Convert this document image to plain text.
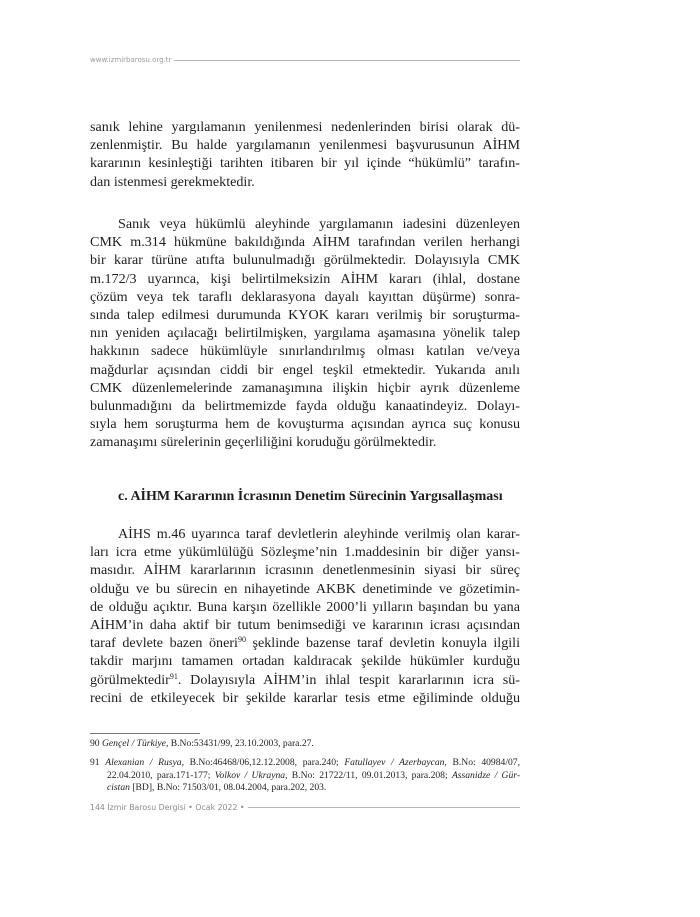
www.izmirbarosu.org.tr
sanık lehine yargılamanın yenilenmesi nedenlerinden birisi olarak dü-
zenlenmiştir. Bu halde yargılamanın yenilenmesi başvurusunun AİHM
kararının kesinleştiği tarihten itibaren bir yıl içinde “hükümlü” tarafın-
dan istenmesi gerekmektedir.
Sanık veya hükümlü aleyhinde yargılamanın iadesini düzenleyen
CMK m.314 hükmüne bakıldığında AİHM tarafından verilen herhangi
bir karar türüne atıfta bulunulmadığı görülmektedir. Dolayısıyla CMK
m.172/3 uyarınca, kişi belirtilmeksizin AİHM kararı (ihlal, dostane
çözüm veya tek taraflı deklarasyona dayalı kayıttan düşürme) sonra-
sında talep edilmesi durumunda KYOK kararı verilmiş bir soruşturma-
nın yeniden açılacağı belirtilmişken, yargılama aşamasına yönelik talep
hakkının sadece hükümlüyle sınırlandırılmış olması katılan ve/veya
mağdurlar açısından ciddi bir engel teşkil etmektedir. Yukarıda anılı
CMK düzenlemelerinde zamanaşımına ilişkin hiçbir ayrık düzenleme
bulunmadığını da belirtmemizde fayda olduğu kanaatindeyiz. Dolayı-
sıyla hem soruşturma hem de kovuşturma açısından ayrıca suç konusu
zamanaşımı sürelerinin geçerliliğini koruduğu görülmektedir.
c. AİHM Kararının İcrasının Denetim Sürecinin Yargısallaşması
AİHS m.46 uyarınca taraf devletlerin aleyhinde verilmiş olan karar-
ları icra etme yükümlülüğü Sözleşme’nin 1.maddesinin bir diğer yansı-
masıdır. AİHM kararlarının icrasının denetlenmesinin siyasi bir süreç
olduğu ve bu sürecin en nihayetinde AKBK denetiminde ve gözetimin-
de olduğu açıktır. Buna karşın özellikle 2000’li yılların başından bu yana
AİHM’in daha aktif bir tutum benimsediği ve kararının icrası açısından
taraf devlete bazen öneri$^{90}$ şeklinde bazense taraf devletin konuyla ilgili
takdir marjını tamamen ortadan kaldıracak şekilde hükümler kurduğu
görülmektedir$^{91}$. Dolayısıyla AİHM’in ihlal tespit kararlarının icra sü-
recini de etkileyecek bir şekilde kararlar tesis etme eğiliminde olduğu
90 Gençel / Türkiye, B.No:53431/99, 23.10.2003, para.27.
91 Alexanian / Rusya, B.No:46468/06,12.12.2008, para.240; Fatullayev / Azerbaycan, B.No: 40984/07,
22.04.2010, para.171-177; Volkov / Ukrayna, B.No: 21722/11, 09.01.2013, para.208; Assanidze / Gür-
cistan [BD], B.No: 71503/01, 08.04.2004, para.202, 203.
144 İzmir Barosu Dergisi • Ocak 2022 •
